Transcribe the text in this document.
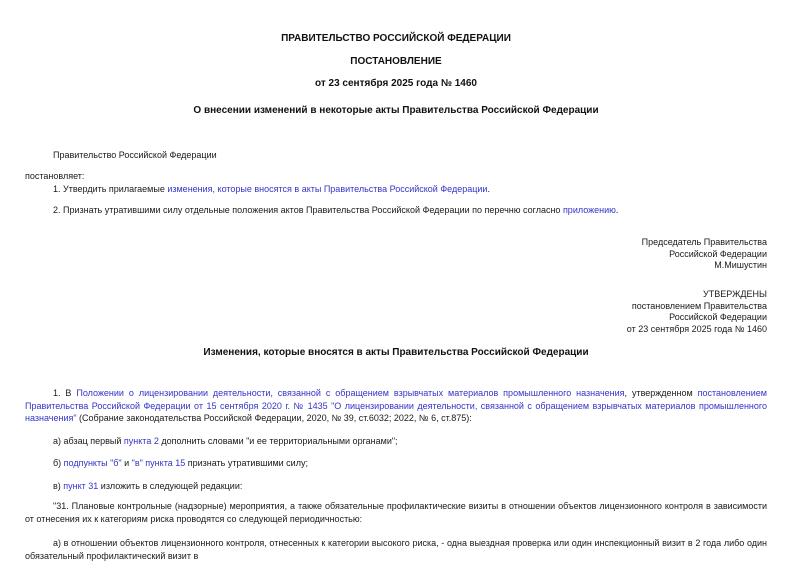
ПРАВИТЕЛЬСТВО РОССИЙСКОЙ ФЕДЕРАЦИИ
ПОСТАНОВЛЕНИЕ
от 23 сентября 2025 года № 1460
О внесении изменений в некоторые акты Правительства Российской Федерации
Правительство Российской Федерации
постановляет:
1. Утвердить прилагаемые изменения, которые вносятся в акты Правительства Российской Федерации.
2. Признать утратившими силу отдельные положения актов Правительства Российской Федерации по перечню согласно приложению.
Председатель Правительства
Российской Федерации
М.Мишустин
УТВЕРЖДЕНЫ
постановлением Правительства
Российской Федерации
от 23 сентября 2025 года № 1460
Изменения, которые вносятся в акты Правительства Российской Федерации
1. В Положении о лицензировании деятельности, связанной с обращением взрывчатых материалов промышленного назначения, утвержденном постановлением Правительства Российской Федерации от 15 сентября 2020 г. № 1435 "О лицензировании деятельности, связанной с обращением взрывчатых материалов промышленного назначения" (Собрание законодательства Российской Федерации, 2020, № 39, ст.6032; 2022, № 6, ст.875):
а) абзац первый пункта 2 дополнить словами "и ее территориальными органами";
б) подпункты "б" и "в" пункта 15 признать утратившими силу;
в) пункт 31 изложить в следующей редакции:
"31. Плановые контрольные (надзорные) мероприятия, а также обязательные профилактические визиты в отношении объектов лицензионного контроля в зависимости от отнесения их к категориям риска проводятся со следующей периодичностью:
а) в отношении объектов лицензионного контроля, отнесенных к категории высокого риска, - одна выездная проверка или один инспекционный визит в 2 года либо один обязательный профилактический визит в
